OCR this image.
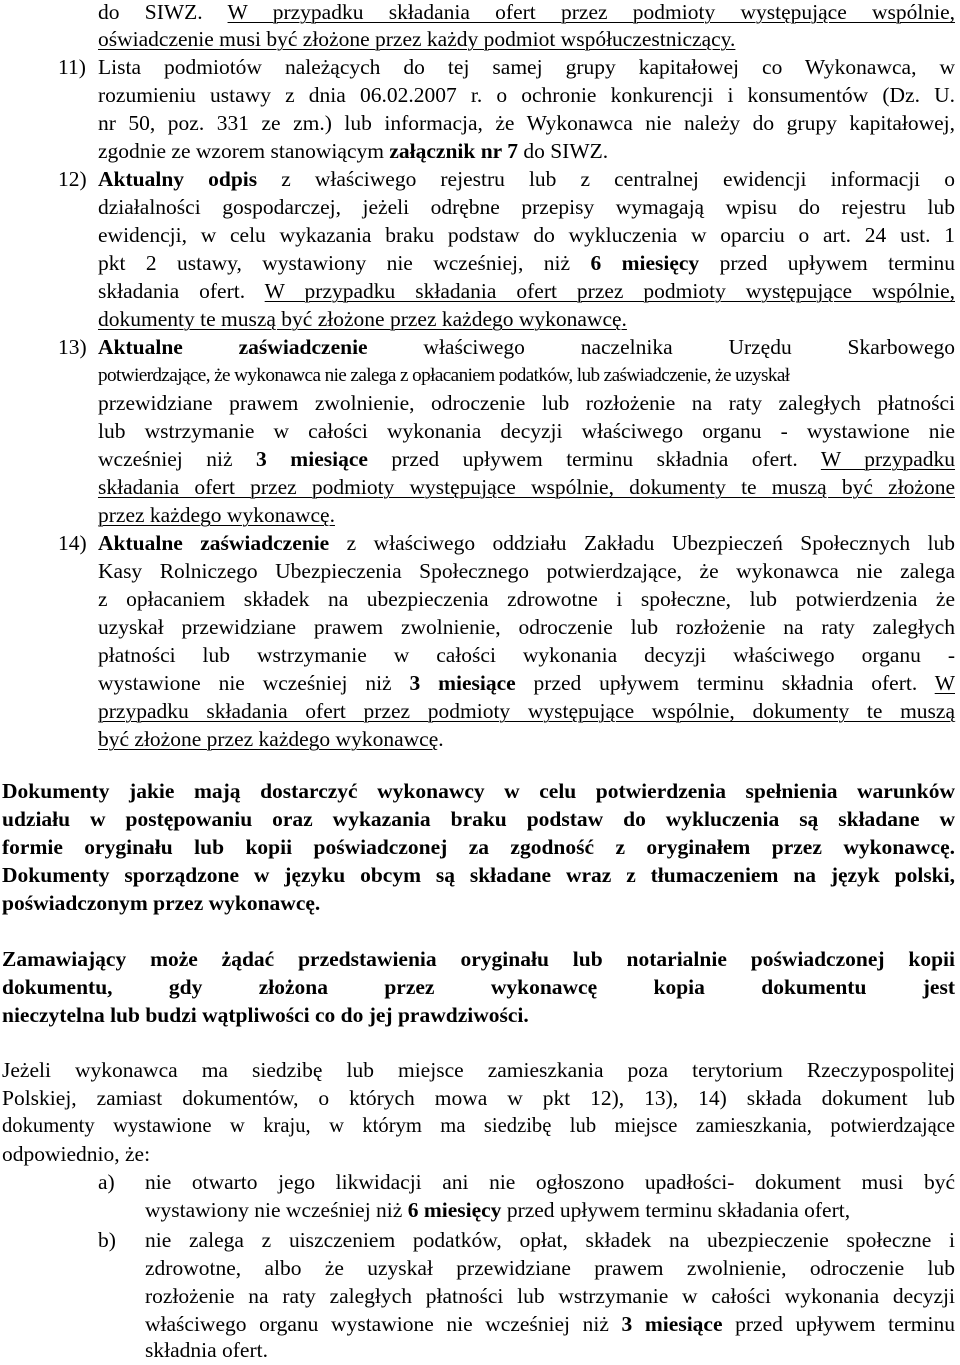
do SIWZ. W przypadku składania ofert przez podmioty występujące wspólnie,
oświadczenie musi być złożone przez każdy podmiot współuczestniczący.
11) Lista podmiotów należących do tej samej grupy kapitałowej co Wykonawca, w
rozumieniu ustawy z dnia 06.02.2007 r. o ochronie konkurencji i konsumentów (Dz. U.
nr 50, poz. 331 ze zm.) lub informacja, że Wykonawca nie należy do grupy kapitałowej,
zgodnie ze wzorem stanowiącym załącznik nr 7 do SIWZ.
12) Aktualny odpis z właściwego rejestru lub z centralnej ewidencji informacji o
działalności gospodarczej, jeżeli odrębne przepisy wymagają wpisu do rejestru lub
ewidencji, w celu wykazania braku podstaw do wykluczenia w oparciu o art. 24 ust. 1
pkt 2 ustawy, wystawiony nie wcześniej, niż 6 miesięcy przed upływem terminu
składania ofert. W przypadku składania ofert przez podmioty występujące wspólnie,
dokumenty te muszą być złożone przez każdego wykonawcę.
13) Aktualne zaświadczenie właściwego naczelnika Urzędu Skarbowego
potwierdzające, że wykonawca nie zalega z opłacaniem podatków, lub zaświadczenie, że uzyskał
przewidziane prawem zwolnienie, odroczenie lub rozłożenie na raty zaległych płatności
lub wstrzymanie w całości wykonania decyzji właściwego organu - wystawione nie
wcześniej niż 3 miesiące przed upływem terminu składnia ofert. W przypadku
składania ofert przez podmioty występujące wspólnie, dokumenty te muszą być złożone
przez każdego wykonawcę.
14) Aktualne zaświadczenie z właściwego oddziału Zakładu Ubezpieczeń Społecznych lub
Kasy Rolniczego Ubezpieczenia Społecznego potwierdzające, że wykonawca nie zalega
z opłacaniem składek na ubezpieczenia zdrowotne i społeczne, lub potwierdzenia że
uzyskał przewidziane prawem zwolnienie, odroczenie lub rozłożenie na raty zaległych
płatności lub wstrzymanie w całości wykonania decyzji właściwego organu -
wystawione nie wcześniej niż 3 miesiące przed upływem terminu składnia ofert. W
przypadku składania ofert przez podmioty występujące wspólnie, dokumenty te muszą
być złożone przez każdego wykonawcę.
Dokumenty jakie mają dostarczyć wykonawcy w celu potwierdzenia spełnienia warunków
udziału w postępowaniu oraz wykazania braku podstaw do wykluczenia są składane w
formie oryginału lub kopii poświadczonej za zgodność z oryginałem przez wykonawcę.
Dokumenty sporządzone w języku obcym są składane wraz z tłumaczeniem na język polski,
poświadczonym przez wykonawcę.
Zamawiający może żądać przedstawienia oryginału lub notarialnie poświadczonej kopii
dokumentu, gdy złożona przez wykonawcę kopia dokumentu jest
nieczytelna lub budzi wątpliwości co do jej prawdziwości.
Jeżeli wykonawca ma siedzibę lub miejsce zamieszkania poza terytorium Rzeczypospolitej
Polskiej, zamiast dokumentów, o których mowa w pkt 12), 13), 14) składa dokument lub
dokumenty wystawione w kraju, w którym ma siedzibę lub miejsce zamieszkania, potwierdzające
odpowiednio, że:
a) nie otwarto jego likwidacji ani nie ogłoszono upadłości- dokument musi być
wystawiony nie wcześniej niż 6 miesięcy przed upływem terminu składania ofert,
b) nie zalega z uiszczeniem podatków, opłat, składek na ubezpieczenie społeczne i
zdrowotne, albo że uzyskał przewidziane prawem zwolnienie, odroczenie lub
rozłożenie na raty zaległych płatności lub wstrzymanie w całości wykonania decyzji
właściwego organu wystawione nie wcześniej niż 3 miesiące przed upływem terminu
składnia ofert.
